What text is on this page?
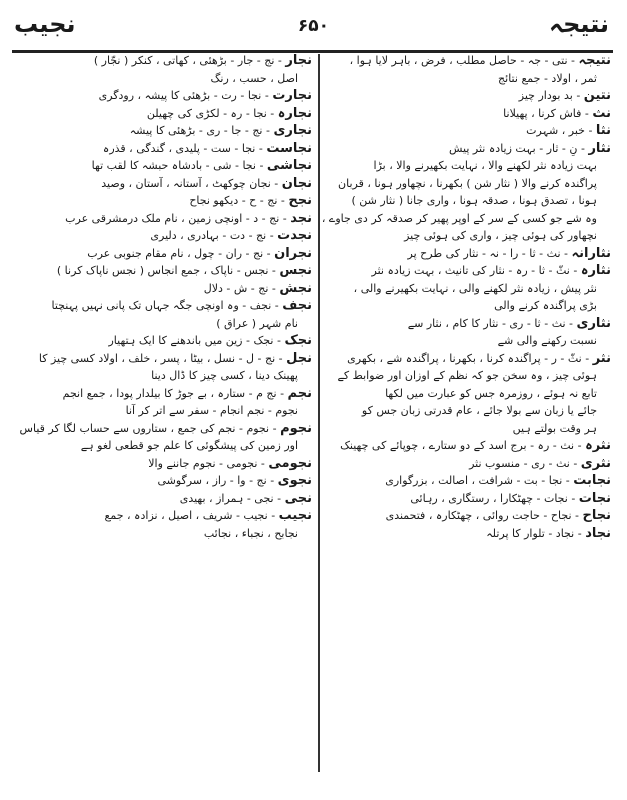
نتیجہ
۶۵۰
نجیب
نتیجہ - نتی - جہ - حاصل مطلب ، فرض ، باہر لایا ہوا ،
ثمر ، اولاد - جمع نتائج
نتین - بد بودار چیز
نث - فاش کرنا ، پھیلانا
نثا - خبر ، شہرت
نثار - نِ - ثار - بہت زیادہ نثر پیش
بہت زیادہ نثر لکھنے والا ، نہایت بکھیرنے والا ، بڑا
پراگندہ کرنے والا ( نثار شن ) بکھرنا ، نچھاور ہونا ، قربان
ہونا ، تصدق ہونا ، صدقہ ہونا ، واری جانا ( نثار شن )
وہ شے جو کسی کے سر کے اوپر پھیر کر صدقہ کر دی جاوے ،
نچھاور کی ہوئی چیز ، واری کی ہوئی چیز
نثارانہ - نث - ثا - را - نہ - نثار کی طرح پر
نثارہ - نثّ - ثا - رہ - نثار کی تانیث ، بہت زیادہ نثر
نثر پیش ، زیادہ نثر لکھنے والی ، نہایت بکھیرنے والی ،
بڑی پراگندہ کرنے والی
نثاری - نث - ثا - ری - نثار کا کام ، نثار سے
نسبت رکھنے والی شے
نثر - نثّ - ر - پراگندہ کرنا ، بکھرنا ، پراگندہ شے ، بکھری
ہوئی چیز ، وہ سخن جو کہ نظم کے اوزان اور ضوابط کے
تابع نہ ہوئے ، روزمرہ جس کو عبارت میں لکھا
جائے یا زبان سے بولا جائے ، عام قدرتی زبان جس کو
ہر وقت بولتے ہیں
نثرہ - نث - رہ - برج اسد کے دو ستارے ، چوپائے کی چھینک
نثری - نث - ری - منسوب نثر
نجابت - نجا - بت - شرافت ، اصالت ، بزرگواری
نجات - نجات - چھٹکارا ، رستگاری ، رہائی
نجاح - نجاح - حاجت روائی ، چھٹکارہ ، فتحمندی
نجاد - نجاد - تلوار کا پرتلہ
نجار - نج - جار - بڑھئی ، کھاتی ، کنکر ( نجّار )
اصل ، حسب ، رنگ
نجارت - نجا - رت - بڑھئی کا پیشہ ، رودگری
نجارہ - نجا - رہ - لکڑی کی چھیلن
نجاری - نج - جا - ری - بڑھئی کا پیشہ
نجاست - نجا - ست - پلیدی ، گندگی ، قذرہ
نجاشی - نجا - شی - بادشاہ حبشہ کا لقب تھا
نجان - نجان چوکھٹ ، آستانہ ، آستان ، وصید
نجح - نج - ح - دیکھو نجاح
نجد - نج - د - اونچی زمین ، نام ملک درمشرقی عرب
نجدت - نج - دت - بہادری ، دلیری
نجران - نج - ران - چول ، نام مقام جنوبی عرب
نجس - نجس - ناپاک ، جمع انجاس ( نجس ناپاک کرنا )
نجش - نج - ش - دلال
نجف - نجف - وہ اونچی جگہ جہاں تک پانی نہیں پہنچتا
نام شہر ( عراق )
نجک - نجک - زین میں باندھنے کا ایک ہتھیار
نجل - نج - ل - نسل ، بیٹا ، پسر ، خلف ، اولاد کسی چیز کا
پھینک دینا ، کسی چیز کا ڈال دینا
نجم - نج م - ستارہ ، بے جوڑ کا بیلدار پودا ، جمع انجم
نجوم - نجم انجام - سفر سے اتر کر آنا
نجوم - نجوم - نجم کی جمع ، ستاروں سے حساب لگا کر قیاس
اور زمین کی پیشگوئی کا علم جو قطعی لغو ہے
نجومی - نجومی - نجوم جاننے والا
نجوی - نج - وا - راز ، سرگوشی
نجی - نجی - ہمراز ، بھیدی
نجیب - نجیب - شریف ، اصیل ، نزادہ ، جمع
نجابح ، نجباء ، نجائب
